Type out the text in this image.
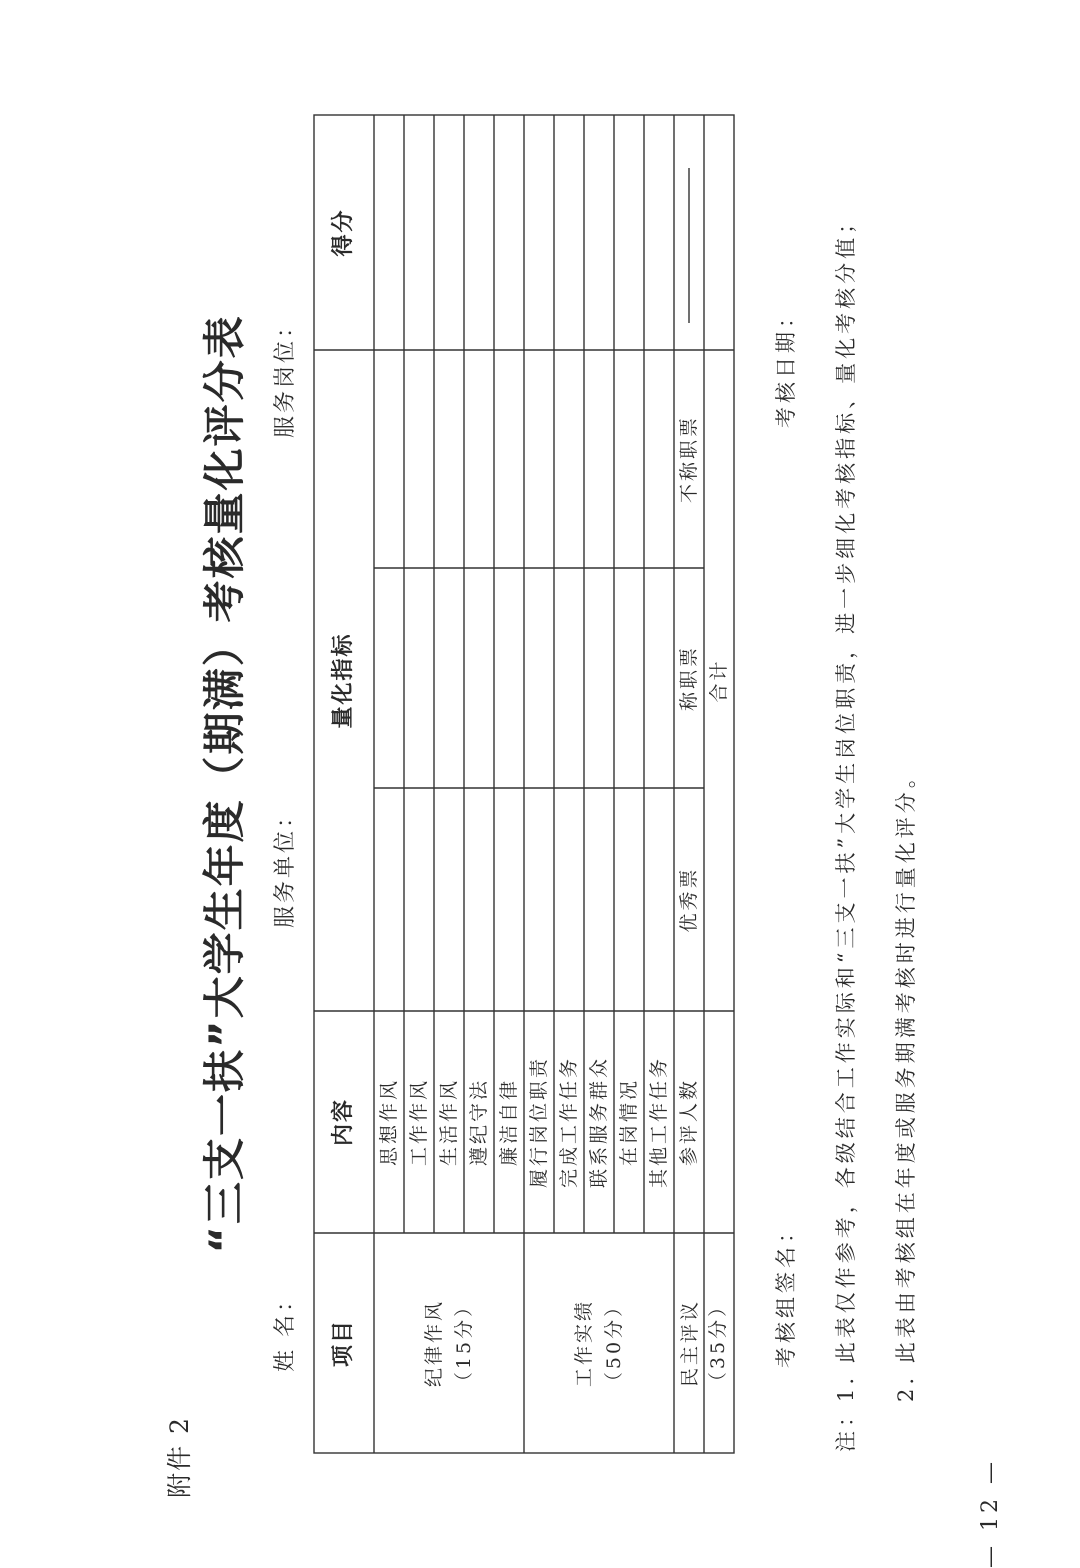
附件 2
“三支一扶”大学生年度（期满）考核量化评分表
姓 名：
服务单位：
服务岗位：
项目
内容
量化指标
得分
纪律作风 （15分）
思想作风 工作作风 生活作风 遵纪守法 廉洁自律
工作实绩 （50分）
履行岗位职责 完成工作任务 联系服务群众 在岗情况 其他工作任务
民主评议 （35分）
参评人数
优秀票
称职票
不称职票
合计
考核组签名：
考核日期： 注：1. 此表仅作参考，各级结合工作实际和“三支一扶”大学生岗位职责，进一步细化考核指标、量化考核分值； 2. 此表由考核组在年度或服务期满考核时进行量化评分。
— 12 —
